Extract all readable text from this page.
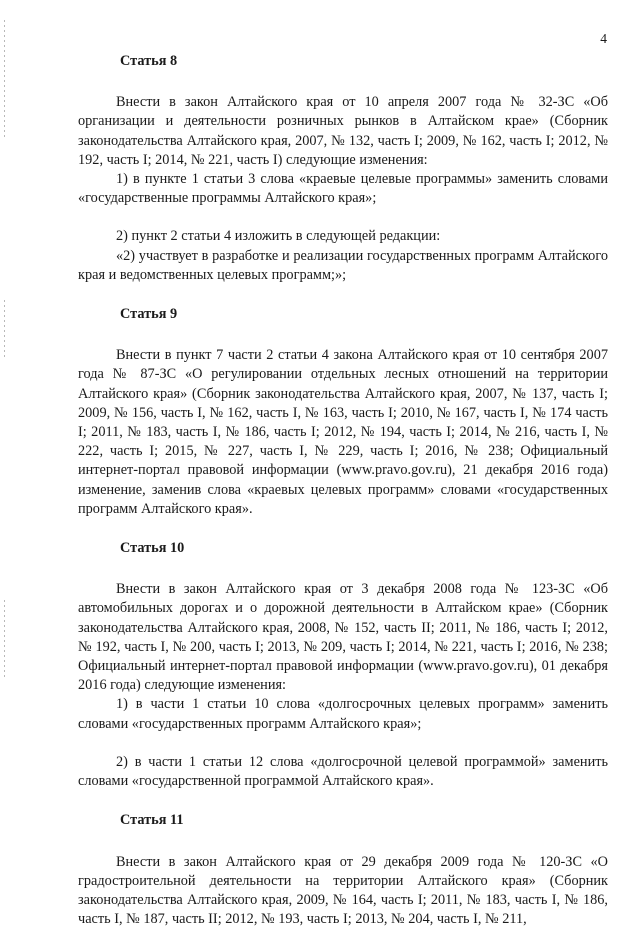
4

Статья 8

Внести в закон Алтайского края от 10 апреля 2007 года № 32-ЗС «Об организации и деятельности розничных рынков в Алтайском крае» (Сборник законодательства Алтайского края, 2007, № 132, часть I; 2009, № 162, часть I; 2012, № 192, часть I; 2014, № 221, часть I) следующие изменения:

1) в пункте 1 статьи 3 слова «краевые целевые программы» заменить словами «государственные программы Алтайского края»;

2) пункт 2 статьи 4 изложить в следующей редакции:

«2) участвует в разработке и реализации государственных программ Алтайского края и ведомственных целевых программ;»;

Статья 9

Внести в пункт 7 части 2 статьи 4 закона Алтайского края от 10 сентября 2007 года № 87-ЗС «О регулировании отдельных лесных отношений на территории Алтайского края» (Сборник законодательства Алтайского края, 2007, № 137, часть I; 2009, № 156, часть I, № 162, часть I, № 163, часть I; 2010, № 167, часть I, № 174 часть I; 2011, № 183, часть I, № 186, часть I; 2012, № 194, часть I; 2014, № 216, часть I, № 222, часть I; 2015, № 227, часть I, № 229, часть I; 2016, № 238; Официальный интернет-портал правовой информации (www.pravo.gov.ru), 21 декабря 2016 года) изменение, заменив слова «краевых целевых программ» словами «государственных программ Алтайского края».

Статья 10

Внести в закон Алтайского края от 3 декабря 2008 года № 123-ЗС «Об автомобильных дорогах и о дорожной деятельности в Алтайском крае» (Сборник законодательства Алтайского края, 2008, № 152, часть II; 2011, № 186, часть I; 2012, № 192, часть I, № 200, часть I; 2013, № 209, часть I; 2014, № 221, часть I; 2016, № 238; Официальный интернет-портал правовой информации (www.pravo.gov.ru), 01 декабря 2016 года) следующие изменения:

1) в части 1 статьи 10 слова «долгосрочных целевых программ» заменить словами «государственных программ Алтайского края»;

2) в части 1 статьи 12 слова «долгосрочной целевой программой» заменить словами «государственной программой Алтайского края».

Статья 11

Внести в закон Алтайского края от 29 декабря 2009 года № 120-ЗС «О градостроительной деятельности на территории Алтайского края» (Сборник законодательства Алтайского края, 2009, № 164, часть I; 2011, № 183, часть I, № 186, часть I, № 187, часть II; 2012, № 193, часть I; 2013, № 204, часть I, № 211,
